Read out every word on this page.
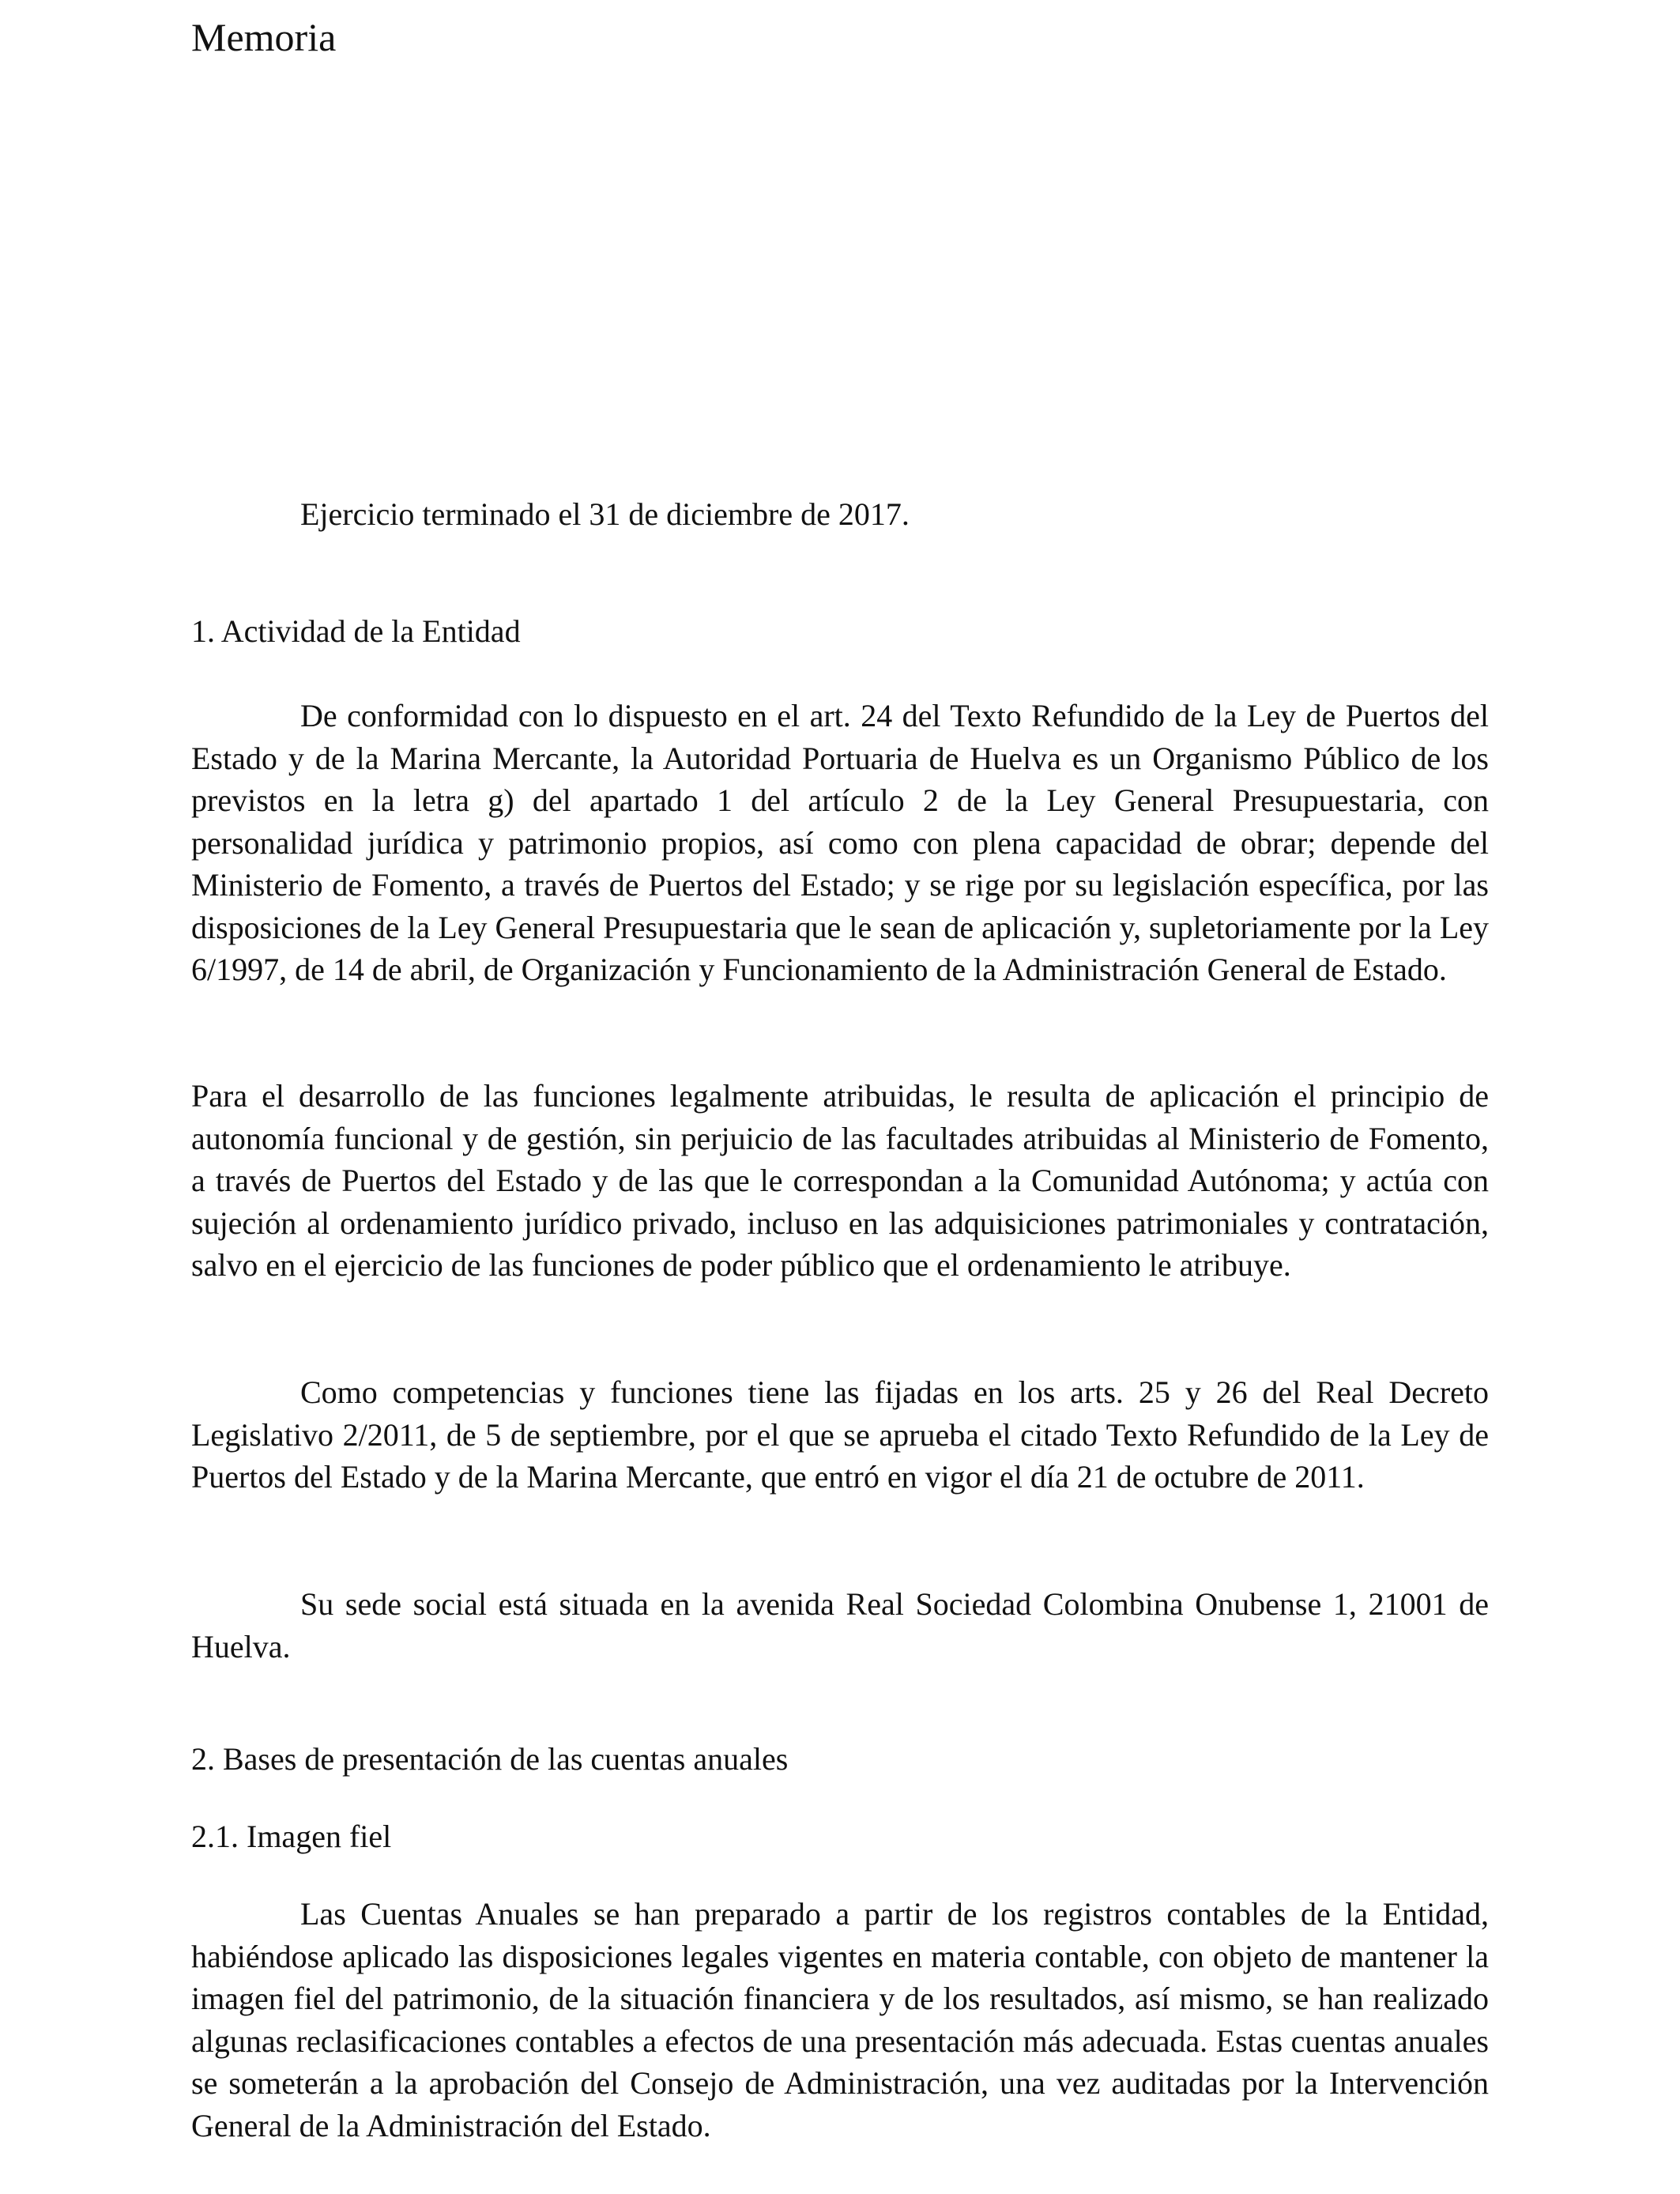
Memoria

Ejercicio terminado el 31 de diciembre de 2017.

1. Actividad de la Entidad

De conformidad con lo dispuesto en el art. 24 del Texto Refundido de la Ley de Puertos del Estado y de la Marina Mercante, la Autoridad Portuaria de Huelva es un Organismo Público de los previstos en la letra g) del apartado 1 del artículo 2 de la Ley General Presupuestaria, con personalidad jurídica y patrimonio propios, así como con plena capacidad de obrar; depende del Ministerio de Fomento, a través de Puertos del Estado; y se rige por su legislación específica, por las disposiciones de la Ley General Presupuestaria que le sean de aplicación y, supletoriamente por la Ley 6/1997, de 14 de abril, de Organización y Funcionamiento de la Administración General de Estado.

Para el desarrollo de las funciones legalmente atribuidas, le resulta de aplicación el principio de autonomía funcional y de gestión, sin perjuicio de las facultades atribuidas al Ministerio de Fomento, a través de Puertos del Estado y de las que le correspondan a la Comunidad Autónoma; y actúa con sujeción al ordenamiento jurídico privado, incluso en las adquisiciones patrimoniales y contratación, salvo en el ejercicio de las funciones de poder público que el ordenamiento le atribuye.

Como competencias y funciones tiene las fijadas en los arts. 25 y 26 del Real Decreto Legislativo 2/2011, de 5 de septiembre, por el que se aprueba el citado Texto Refundido de la Ley de Puertos del Estado y de la Marina Mercante, que entró en vigor el día 21 de octubre de 2011.

Su sede social está situada en la avenida Real Sociedad Colombina Onubense 1, 21001 de Huelva.

2. Bases de presentación de las cuentas anuales
2.1. Imagen fiel

Las Cuentas Anuales se han preparado a partir de los registros contables de la Entidad, habiéndose aplicado las disposiciones legales vigentes en materia contable, con objeto de mantener la imagen fiel del patrimonio, de la situación financiera y de los resultados, así mismo, se han realizado algunas reclasificaciones contables a efectos de una presentación más adecuada. Estas cuentas anuales se someterán a la aprobación del Consejo de Administración, una vez auditadas por la Intervención General de la Administración del Estado.
